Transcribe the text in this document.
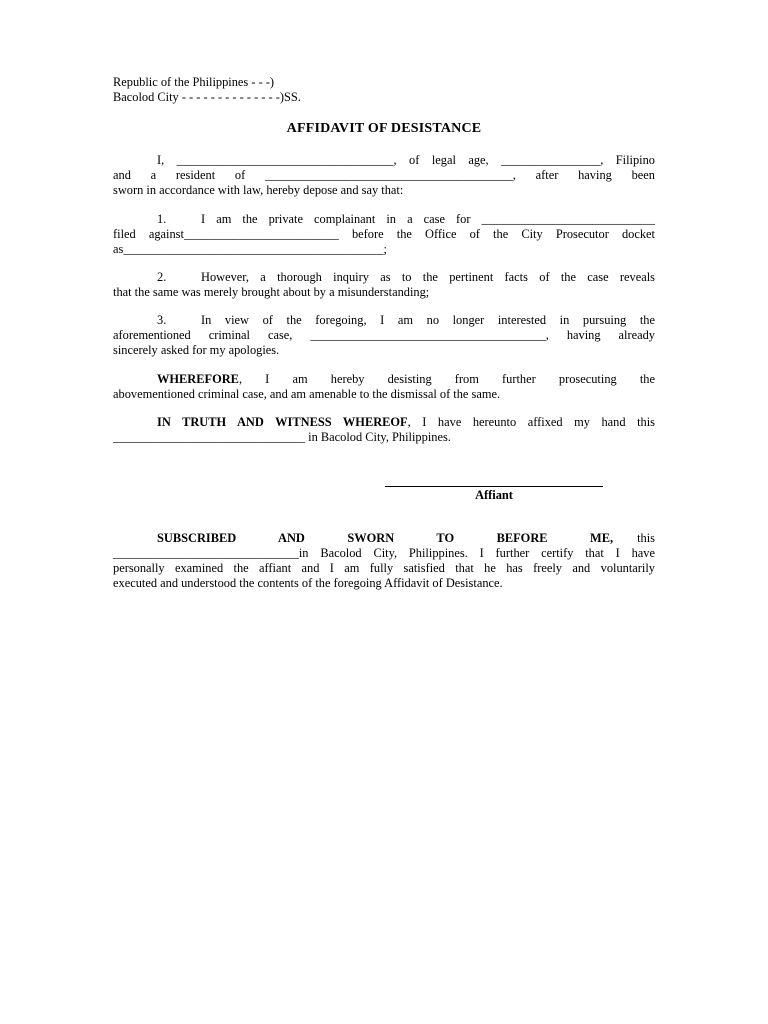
Republic of the Philippines - - -)
Bacolod City - - - - - - - - - - - - - -)SS.
AFFIDAVIT OF DESISTANCE
I, ___________________________________, of legal age, ________________, Filipino
and a resident of ________________________________________, after having been
sworn in accordance with law, hereby depose and say that:
1.	I am the private complainant in a case for ____________________________
filed against_________________________ before the Office of the City Prosecutor docket
as__________________________________________;
2.	However, a thorough inquiry as to the pertinent facts of the case reveals
that the same was merely brought about by a misunderstanding;
3.	In view of the foregoing, I am no longer interested in pursuing the
aforementioned criminal case, ______________________________________, having already
sincerely asked for my apologies.
WHEREFORE, I am hereby desisting from further prosecuting the
abovementioned criminal case, and am amenable to the dismissal of the same.
IN TRUTH AND WITNESS WHEREOF, I have hereunto affixed my hand this
_______________________________ in Bacolod City, Philippines.
Affiant
SUBSCRIBED AND SWORN TO BEFORE ME, this
______________________________in Bacolod City, Philippines. I further certify that I have
personally examined the affiant and I am fully satisfied that he has freely and voluntarily
executed and understood the contents of the foregoing Affidavit of Desistance.
